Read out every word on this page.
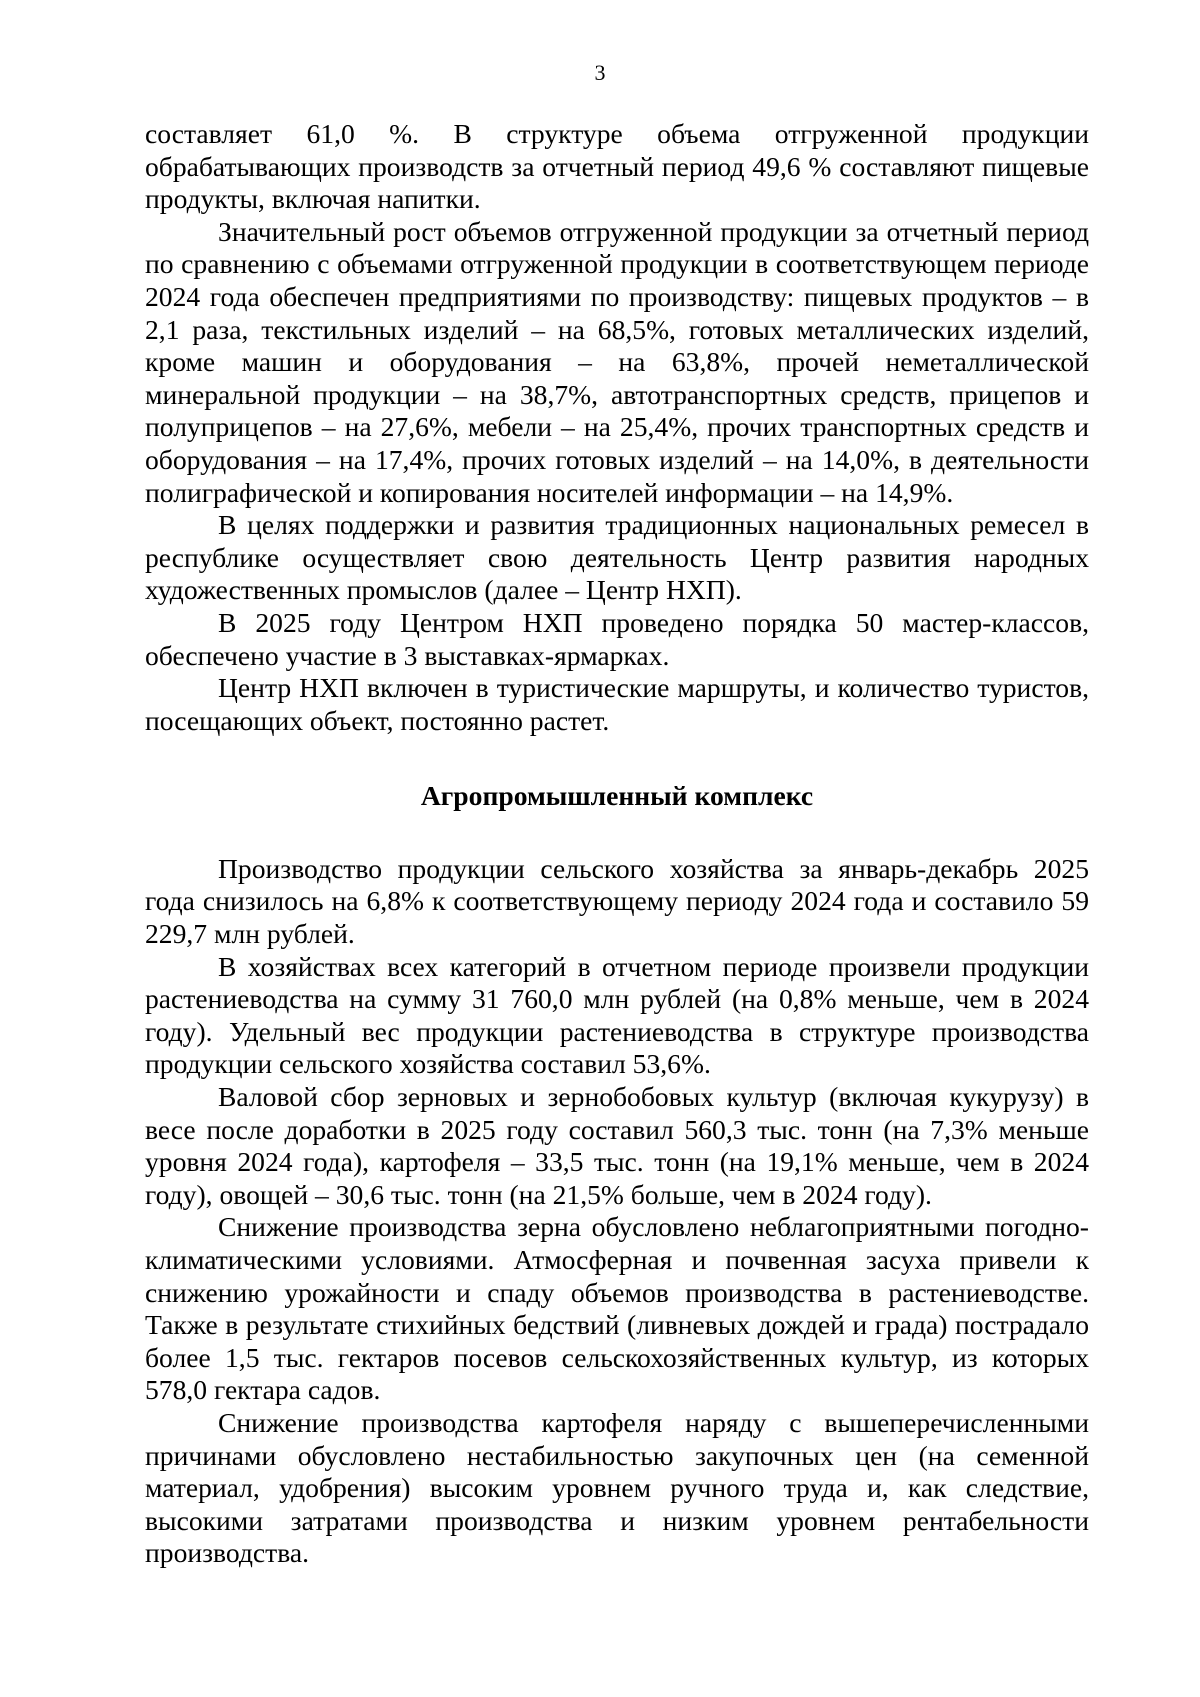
3

составляет 61,0 %. В структуре объема отгруженной продукции обрабатывающих производств за отчетный период 49,6 % составляют пищевые продукты, включая напитки.

Значительный рост объемов отгруженной продукции за отчетный период по сравнению с объемами отгруженной продукции в соответствующем периоде 2024 года обеспечен предприятиями по производству: пищевых продуктов – в 2,1 раза, текстильных изделий – на 68,5%, готовых металлических изделий, кроме машин и оборудования – на 63,8%, прочей неметаллической минеральной продукции – на 38,7%, автотранспортных средств, прицепов и полуприцепов – на 27,6%, мебели – на 25,4%, прочих транспортных средств и оборудования – на 17,4%, прочих готовых изделий – на 14,0%, в деятельности полиграфической и копирования носителей информации – на 14,9%.

В целях поддержки и развития традиционных национальных ремесел в республике осуществляет свою деятельность Центр развития народных художественных промыслов (далее – Центр НХП).

В 2025 году Центром НХП проведено порядка 50 мастер-классов, обеспечено участие в 3 выставках-ярмарках.

Центр НХП включен в туристические маршруты, и количество туристов, посещающих объект, постоянно растет.

Агропромышленный комплекс

Производство продукции сельского хозяйства за январь-декабрь 2025 года снизилось на 6,8% к соответствующему периоду 2024 года и составило 59 229,7 млн рублей.

В хозяйствах всех категорий в отчетном периоде произвели продукции растениеводства на сумму 31 760,0 млн рублей (на 0,8% меньше, чем в 2024 году). Удельный вес продукции растениеводства в структуре производства продукции сельского хозяйства составил 53,6%.

Валовой сбор зерновых и зернобобовых культур (включая кукурузу) в весе после доработки в 2025 году составил 560,3 тыс. тонн (на 7,3% меньше уровня 2024 года), картофеля – 33,5 тыс. тонн (на 19,1% меньше, чем в 2024 году), овощей – 30,6 тыс. тонн (на 21,5% больше, чем в 2024 году).

Снижение производства зерна обусловлено неблагоприятными погодно-климатическими условиями. Атмосферная и почвенная засуха привели к снижению урожайности и спаду объемов производства в растениеводстве. Также в результате стихийных бедствий (ливневых дождей и града) пострадало более 1,5 тыс. гектаров посевов сельскохозяйственных культур, из которых 578,0 гектара садов.

Снижение производства картофеля наряду с вышеперечисленными причинами обусловлено нестабильностью закупочных цен (на семенной материал, удобрения) высоким уровнем ручного труда и, как следствие, высокими затратами производства и низким уровнем рентабельности производства.
